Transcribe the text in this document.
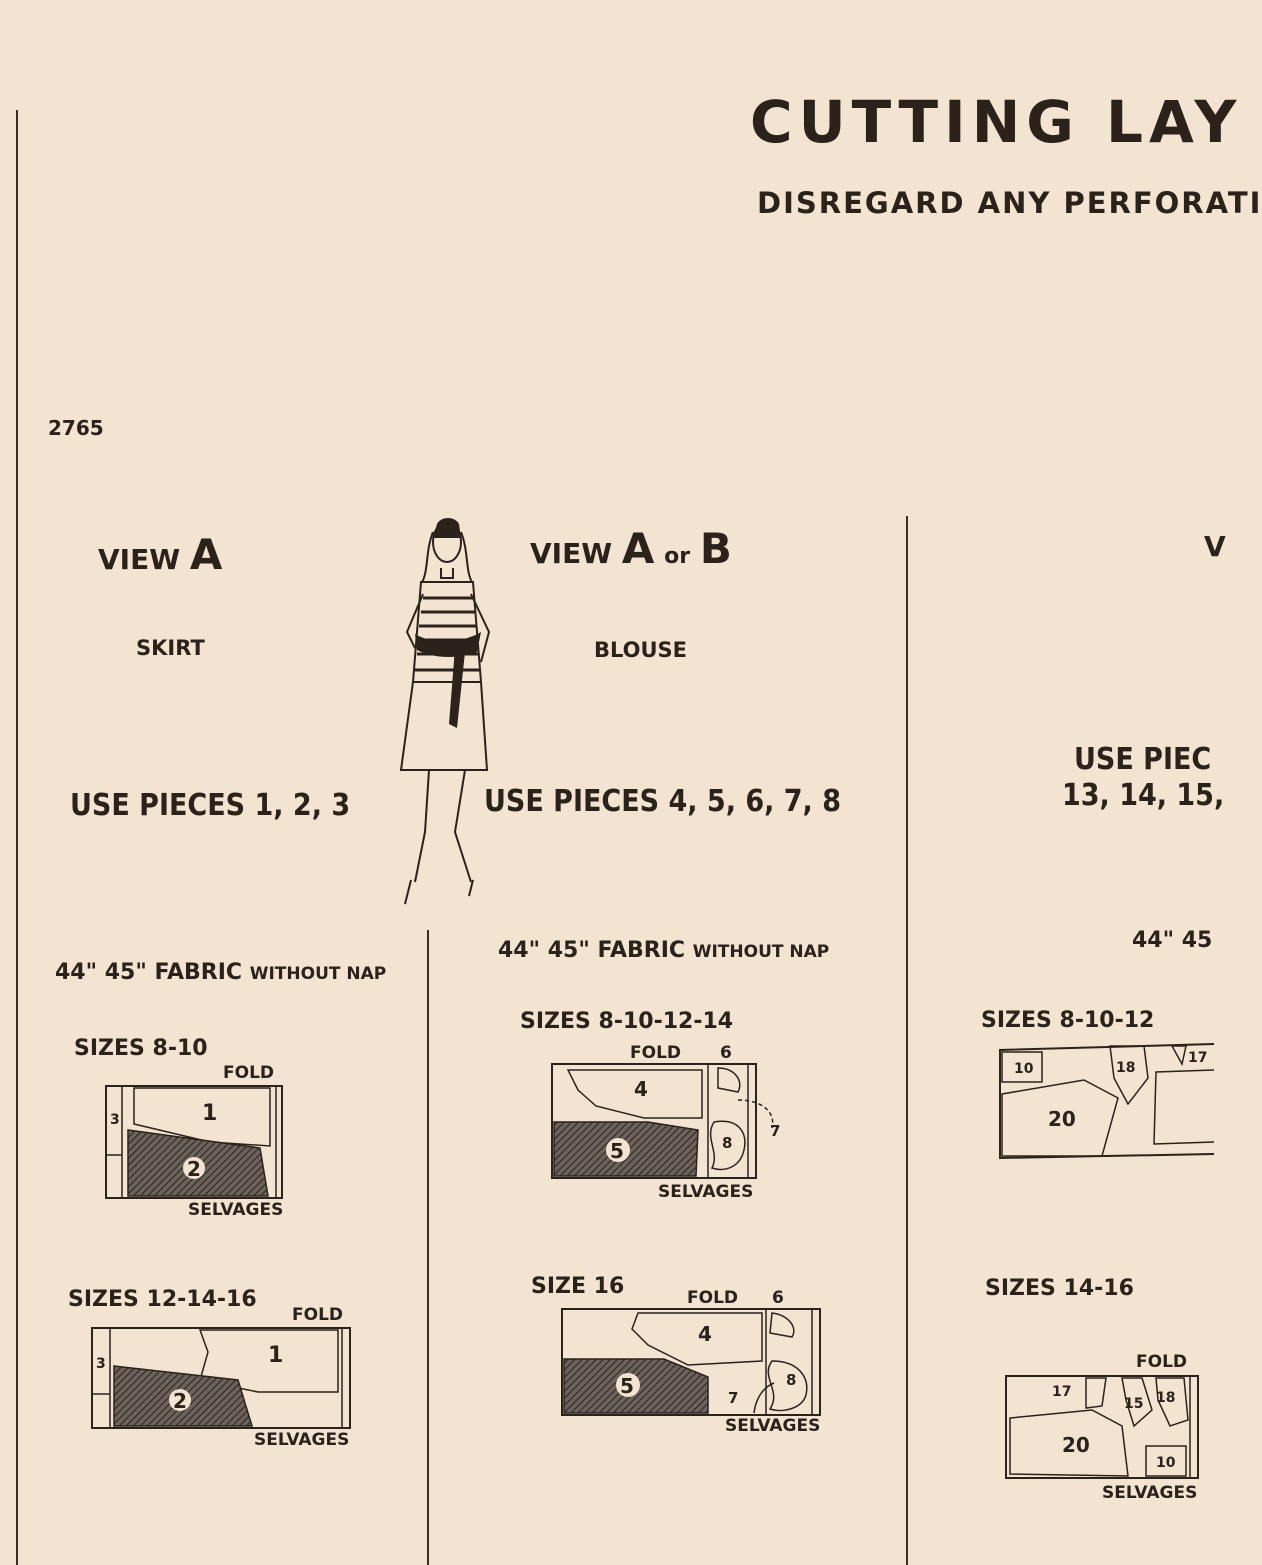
CUTTING LAY
DISREGARD ANY PERFORATI
2765
VIEW A
SKIRT
USE PIECES 1, 2, 3
44" 45" FABRIC WITHOUT NAP
SIZES 8-10
FOLD
3	1
2
SELVAGES
SIZES 12-14-16
FOLD
3	1
2
SELVAGES
VIEW A or B
BLOUSE
USE PIECES 4, 5, 6, 7, 8
44" 45" FABRIC WITHOUT NAP
SIZES 8-10-12-14
FOLD 6
4
5	8
7
SELVAGES
SIZE 16	FOLD 6
4
5	8
7
SELVAGES
V
USE PIEC
13, 14, 15,
44" 45
SIZES 8-10-12
10	18
17
20
SIZES 14-16
FOLD
17
15 18
20
10
SELVAGES
